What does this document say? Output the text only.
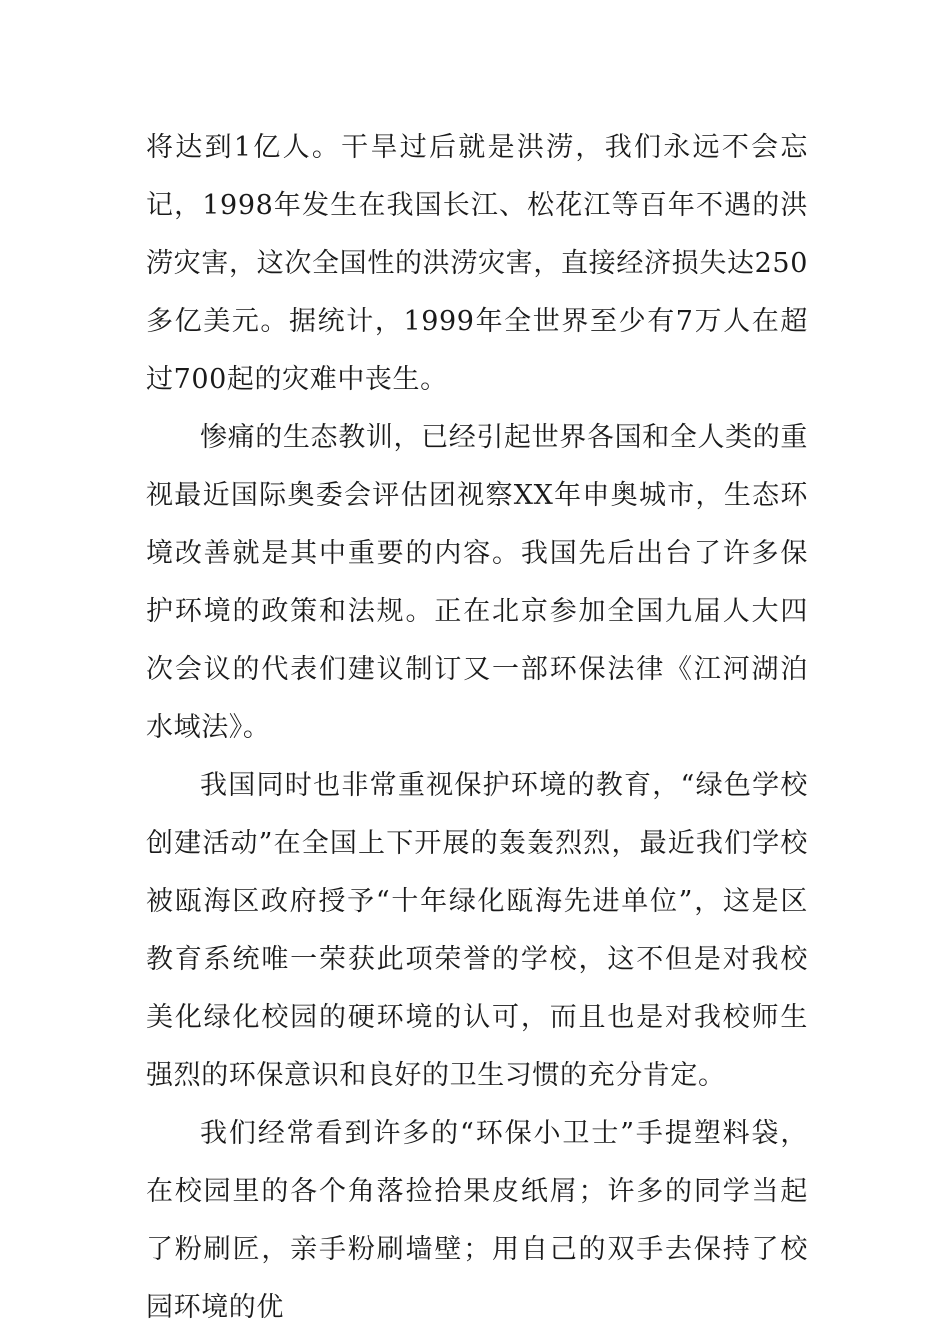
将达到1亿人。干旱过后就是洪涝，我们永远不会忘记，1998年发生在我国长江、松花江等百年不遇的洪涝灾害，这次全国性的洪涝灾害，直接经济损失达250多亿美元。据统计，1999年全世界至少有7万人在超过700起的灾难中丧生。

惨痛的生态教训，已经引起世界各国和全人类的重视最近国际奥委会评估团视察XX年申奥城市，生态环境改善就是其中重要的内容。我国先后出台了许多保护环境的政策和法规。正在北京参加全国九届人大四次会议的代表们建议制订又一部环保法律《江河湖泊水域法》。

我国同时也非常重视保护环境的教育，“绿色学校创建活动”在全国上下开展的轰轰烈烈，最近我们学校被瓯海区政府授予“十年绿化瓯海先进单位”，这是区教育系统唯一荣获此项荣誉的学校，这不但是对我校美化绿化校园的硬环境的认可，而且也是对我校师生强烈的环保意识和良好的卫生习惯的充分肯定。

我们经常看到许多的“环保小卫士”手提塑料袋，在校园里的各个角落捡拾果皮纸屑；许多的同学当起了粉刷匠，亲手粉刷墙壁；用自己的双手去保持了校园环境的优
